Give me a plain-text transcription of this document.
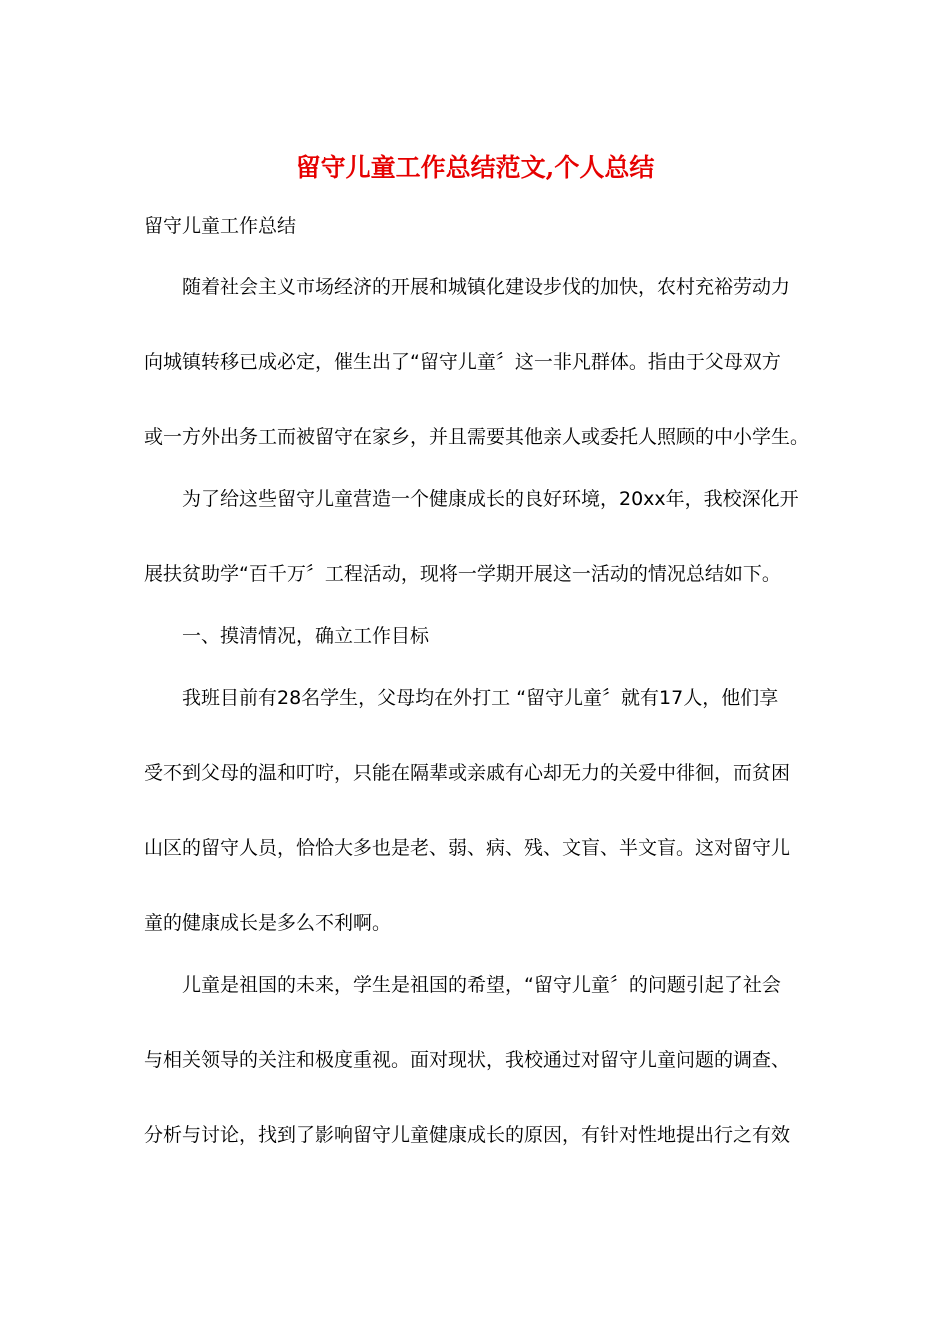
留守儿童工作总结范文,个人总结

留守儿童工作总结

随着社会主义市场经济的开展和城镇化建设步伐的加快，农村充裕劳动力

向城镇转移已成必定，催生出了“留守儿童〞这一非凡群体。指由于父母双方

或一方外出务工而被留守在家乡，并且需要其他亲人或委托人照顾的中小学生。

为了给这些留守儿童营造一个健康成长的良好环境，20xx年，我校深化开

展扶贫助学“百千万〞工程活动，现将一学期开展这一活动的情况总结如下。

一、摸清情况，确立工作目标

我班目前有28名学生，父母均在外打工 “留守儿童〞就有17人，他们享

受不到父母的温和叮咛，只能在隔辈或亲戚有心却无力的关爱中徘徊，而贫困

山区的留守人员，恰恰大多也是老、弱、病、残、文盲、半文盲。这对留守儿

童的健康成长是多么不利啊。

儿童是祖国的未来，学生是祖国的希望，“留守儿童〞的问题引起了社会

与相关领导的关注和极度重视。面对现状，我校通过对留守儿童问题的调查、

分析与讨论，找到了影响留守儿童健康成长的原因，有针对性地提出行之有效
